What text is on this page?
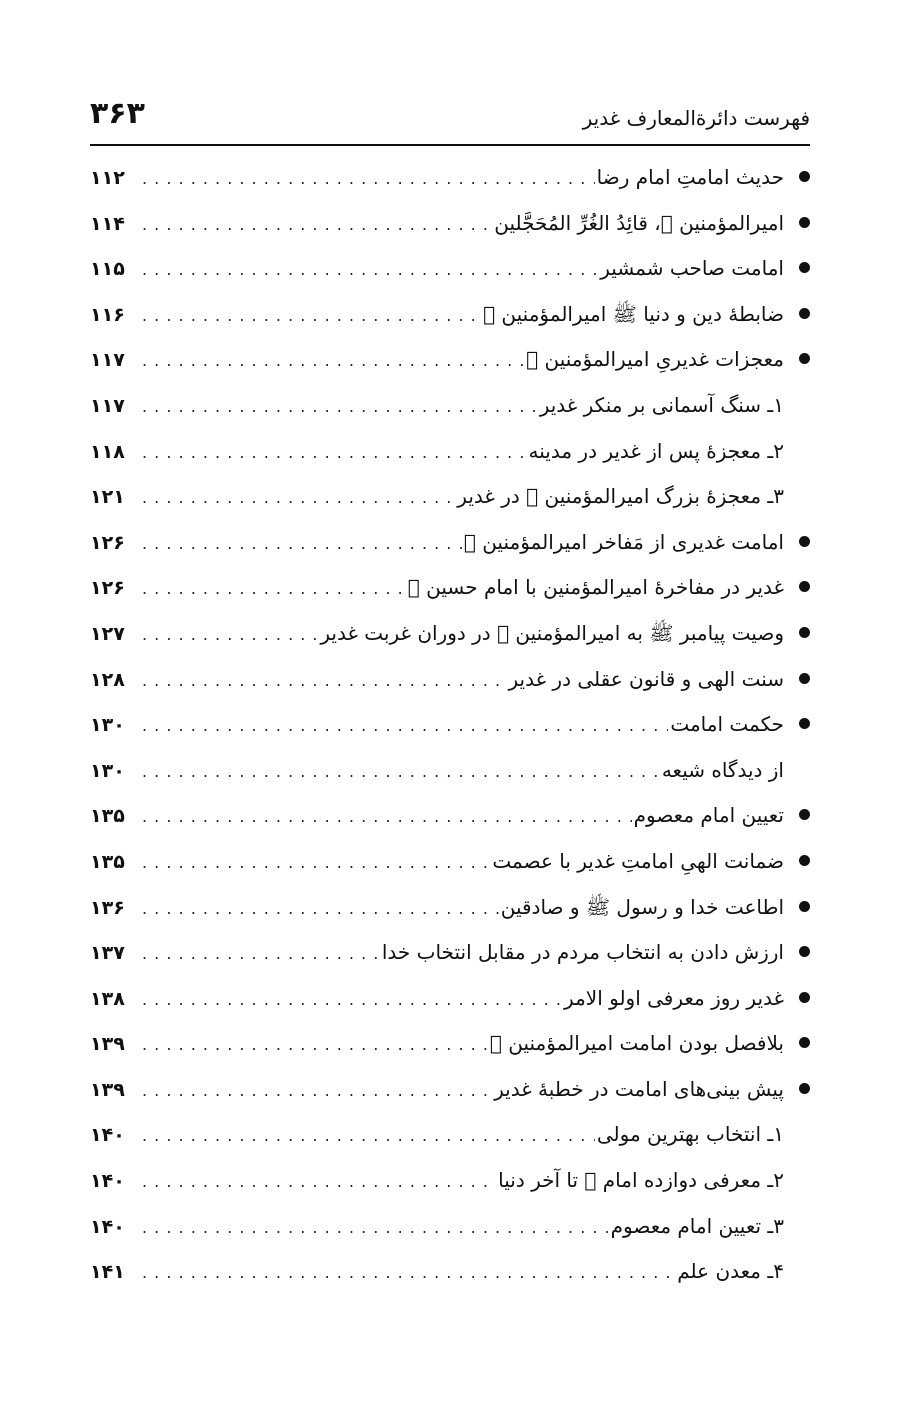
فهرست دائرةالمعارف غدیر
۳۶۳
حدیث امامتِ امام رضا
. . .
۱۱۲
امیرالمؤمنین ﷣، قائِدُ الغُرِّ المُحَجَّلین
. . .
۱۱۴
امامت صاحب شمشیر
. . .
۱۱۵
ضابطۀ دین و دنیا ﷺ امیرالمؤمنین ﷣
. . .
۱۱۶
معجزات غدیریِ امیرالمؤمنین ﷣
. . .
۱۱۷
۱ـ سنگ آسمانی بر منکر غدیر
. . .
۱۱۷
۲ـ معجزۀ پس از غدیر در مدینه
. . .
۱۱۸
۳ـ معجزۀ بزرگ امیرالمؤمنین ﷣ در غدیر
. . .
۱۲۱
امامت غدیری از مَفاخر امیرالمؤمنین ﷣
. . .
۱۲۶
غدیر در مفاخرۀ امیرالمؤمنین با امام حسین ﷣
. . .
۱۲۶
وصیت پیامبر ﷺ به امیرالمؤمنین ﷣ در دوران غربت غدیر
. . .
۱۲۷
سنت الهی و قانون عقلی در غدیر
. . .
۱۲۸
حکمت امامت
. . .
۱۳۰
از دیدگاه شیعه
. . .
۱۳۰
تعیین امام معصوم
. . .
۱۳۵
ضمانت الهیِ امامتِ غدیر با عصمت
. . .
۱۳۵
اطاعت خدا و رسول ﷺ و صادقین
. . .
۱۳۶
ارزش دادن به انتخاب مردم در مقابل انتخاب خدا
. . .
۱۳۷
غدیر روز معرفی اولو الامر
. . .
۱۳۸
بلافصل بودن امامت امیرالمؤمنین ﷣
. . .
۱۳۹
پیش بینی‌های امامت در خطبۀ غدیر
. . .
۱۳۹
۱ـ انتخاب بهترین مولی
. . .
۱۴۰
۲ـ معرفی دوازده امام ﷣ تا آخر دنیا
. . .
۱۴۰
۳ـ تعیین امام معصوم
. . .
۱۴۰
۴ـ معدن علم
. . .
۱۴۱
